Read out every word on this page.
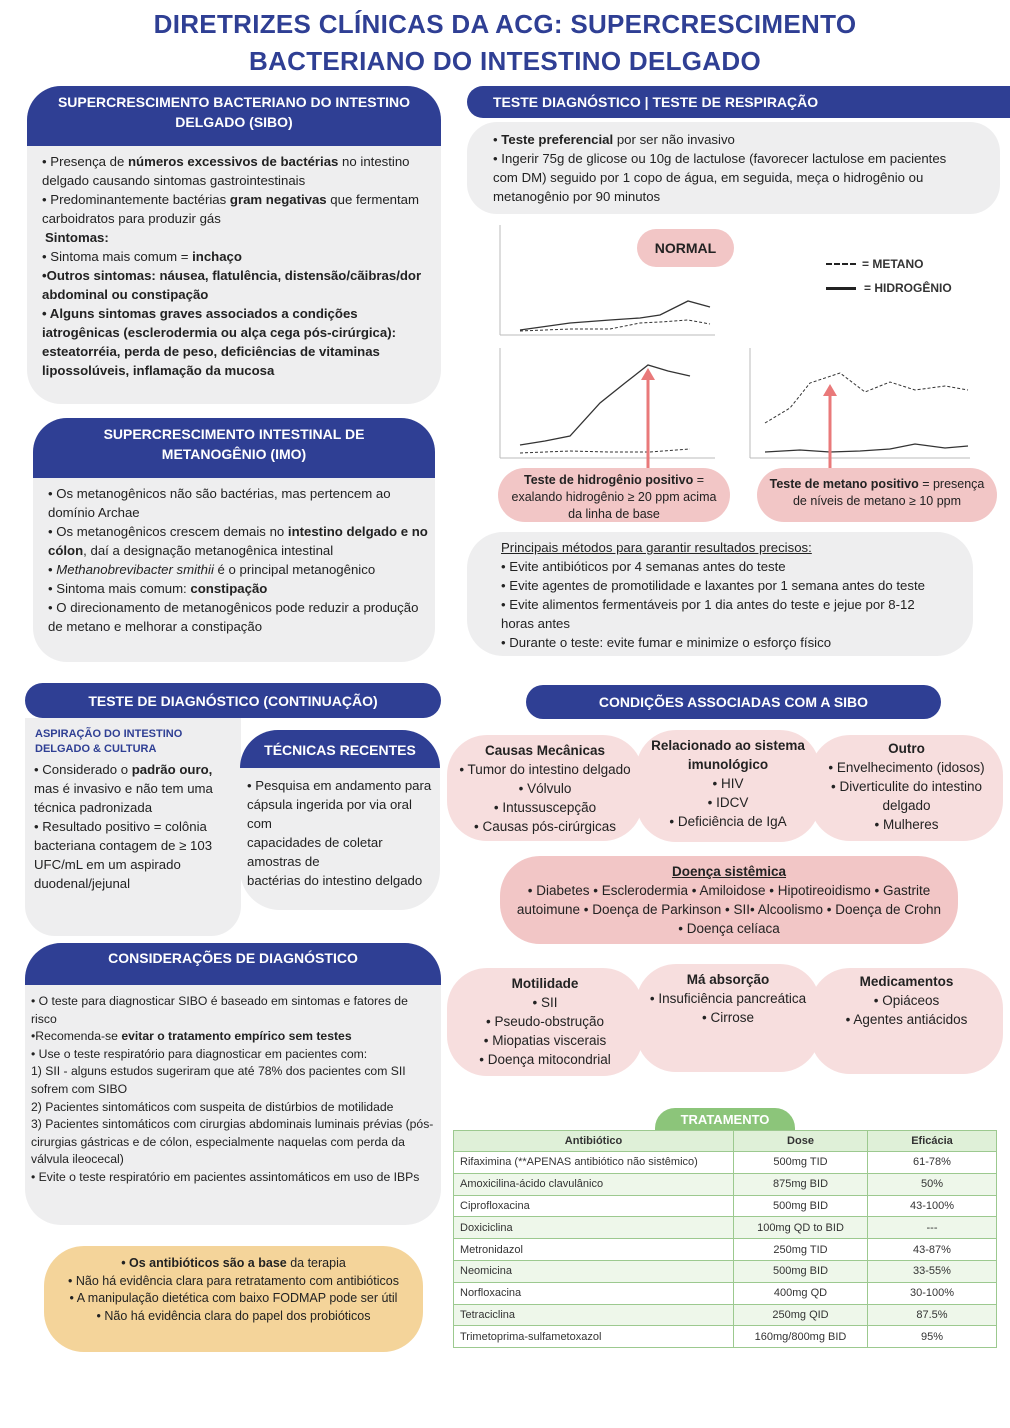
DIRETRIZES CLÍNICAS DA ACG: SUPERCRESCIMENTO BACTERIANO DO INTESTINO DELGADO
SUPERCRESCIMENTO BACTERIANO DO INTESTINO DELGADO (SIBO)

• Presença de números excessivos de bactérias no intestino delgado causando sintomas gastrointestinais

• Predominantemente bactérias gram negativas que fermentam carboidratos para produzir gás

Sintomas:

• Sintoma mais comum = inchaço

•Outros sintomas: náusea, flatulência, distensão/cãibras/dor abdominal ou constipação

• Alguns sintomas graves associados a condições iatrogênicas (esclerodermia ou alça cega pós-cirúrgica): esteatorréia, perda de peso, deficiências de vitaminas lipossolúveis, inflamação da mucosa

SUPERCRESCIMENTO INTESTINAL DE METANOGÊNIO (IMO)

• Os metanogênicos não são bactérias, mas pertencem ao domínio Archae

• Os metanogênicos crescem demais no intestino delgado e no cólon, daí a designação metanogênica intestinal

• Methanobrevibacter smithii é o principal metanogênico

• Sintoma mais comum: constipação

• O direcionamento de metanogênicos pode reduzir a produção de metano e melhorar a constipação

TESTE DIAGNÓSTICO | TESTE DE RESPIRAÇÃO

• Teste preferencial por ser não invasivo

• Ingerir 75g de glicose ou 10g de lactulose (favorecer lactulose em pacientes com DM) seguido por 1 copo de água, em seguida, meça o hidrogênio ou metanogênio por 90 minutos

NORMAL
= METANO
= HIDROGÊNIO
Teste de hidrogênio positivo = exalando hidrogênio ≥ 20 ppm acima da linha de base
Teste de metano positivo = presença de níveis de metano ≥ 10 ppm

Principais métodos para garantir resultados precisos:

• Evite antibióticos por 4 semanas antes do teste

• Evite agentes de promotilidade e laxantes por 1 semana antes do teste

• Evite alimentos fermentáveis por 1 dia antes do teste e jejue por 8-12 horas antes

• Durante o teste: evite fumar e minimize o esforço físico

TESTE DE DIAGNÓSTICO (CONTINUAÇÃO)
ASPIRAÇÃO DO INTESTINO DELGADO & CULTURA

• Considerado o padrão ouro, mas é invasivo e não tem uma técnica padronizada

• Resultado positivo = colônia bacteriana contagem de ≥ 103 UFC/mL em um aspirado duodenal/jejunal

TÉCNICAS RECENTES

• Pesquisa em andamento para cápsula ingerida por via oral com

capacidades de coletar amostras de

bactérias do intestino delgado

CONSIDERAÇÕES DE DIAGNÓSTICO

• O teste para diagnosticar SIBO é baseado em sintomas e fatores de risco

•Recomenda-se evitar o tratamento empírico sem testes

• Use o teste respiratório para diagnosticar em pacientes com:

1) SII - alguns estudos sugeriram que até 78% dos pacientes com SII sofrem com SIBO

2) Pacientes sintomáticos com suspeita de distúrbios de motilidade

3) Pacientes sintomáticos com cirurgias abdominais luminais prévias (pós-cirurgias gástricas e de cólon, especialmente naquelas com perda da válvula ileocecal)

• Evite o teste respiratório em pacientes assintomáticos em uso de IBPs

• Os antibióticos são a base da terapia

• Não há evidência clara para retratamento com antibióticos

• A manipulação dietética com baixo FODMAP pode ser útil

• Não há evidência clara do papel dos probióticos

CONDIÇÕES ASSOCIADAS COM A SIBO
Causas Mecânicas
• Tumor do intestino delgado
• Vólvulo
• Intussuscepção
• Causas pós-cirúrgicas
Relacionado ao sistema imunológico
• HIV
• IDCV
• Deficiência de IgA
Outro
• Envelhecimento (idosos)
• Diverticulite do intestino delgado
• Mulheres
Doença sistêmica
• Diabetes • Esclerodermia • Amiloidose • Hipotireoidismo • Gastrite autoimune • Doença de Parkinson • SII• Alcoolismo • Doença de Crohn • Doença celíaca
Motilidade
• SII
• Pseudo-obstrução
• Miopatias viscerais
• Doença mitocondrial
Má absorção
• Insuficiência pancreática
• Cirrose
Medicamentos
• Opiáceos
• Agentes antiácidos
TRATAMENTO
Antibiótico	Dose	Eficácia
Rifaximina (**APENAS antibiótico não sistêmico)	500mg TID	61-78%
Amoxicilina-ácido clavulânico	875mg BID	50%
Ciprofloxacina	500mg BID	43-100%
Doxiciclina	100mg QD to BID	---
Metronidazol	250mg TID	43-87%
Neomicina	500mg BID	33-55%
Norfloxacina	400mg QD	30-100%
Tetraciclina	250mg QID	87.5%
Trimetoprima-sulfametoxazol	160mg/800mg BID	95%
